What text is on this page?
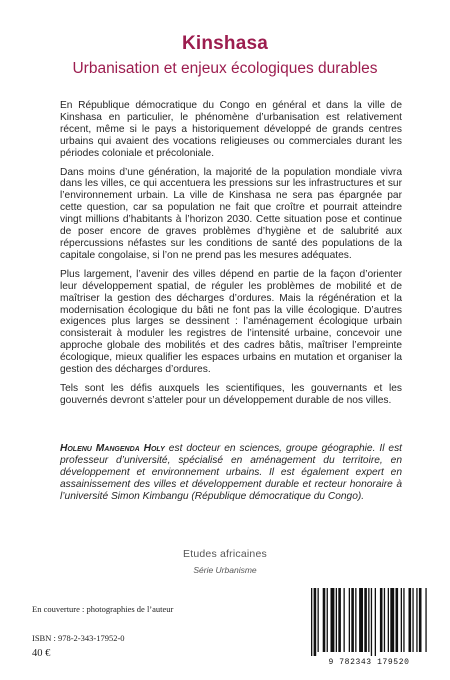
Kinshasa
Urbanisation et enjeux écologiques durables

En République démocratique du Congo en général et dans la ville de Kinshasa en particulier, le phénomène d’urbanisation est relativement récent, même si le pays a historiquement développé de grands centres urbains qui avaient des vocations religieuses ou commerciales durant les périodes coloniale et précoloniale.

Dans moins d’une génération, la majorité de la population mondiale vivra dans les villes, ce qui accentuera les pressions sur les infrastructures et sur l’environnement urbain. La ville de Kinshasa ne sera pas épargnée par cette question, car sa population ne fait que croître et pourrait atteindre vingt millions d’habitants à l’horizon 2030. Cette situation pose et continue de poser encore de graves problèmes d’hygiène et de salubrité aux répercussions néfastes sur les conditions de santé des populations de la capitale congolaise, si l’on ne prend pas les mesures adéquates.

Plus largement, l’avenir des villes dépend en partie de la façon d’orienter leur développement spatial, de réguler les problèmes de mobilité et de maîtriser la gestion des décharges d’ordures. Mais la régénération et la modernisation écologique du bâti ne font pas la ville écologique. D’autres exigences plus larges se dessinent : l’aménagement écologique urbain consisterait à moduler les registres de l’intensité urbaine, concevoir une approche globale des mobilités et des cadres bâtis, maîtriser l’empreinte écologique, mieux qualifier les espaces urbains en mutation et organiser la gestion des décharges d’ordures.

Tels sont les défis auxquels les scientifiques, les gouvernants et les gouvernés devront s’atteler pour un développement durable de nos villes.

Holenu Mangenda Holy est docteur en sciences, groupe géographie. Il est professeur d’université, spécialisé en aménagement du territoire, en développement et environnement urbains. Il est également expert en assainissement des villes et développement durable et recteur honoraire à l’université Simon Kimbangu (République démocratique du Congo).
Etudes africaines
Série Urbanisme
En couverture : photographies de l’auteur
ISBN : 978-2-343-17952-0
40 €
9 782343 179520
